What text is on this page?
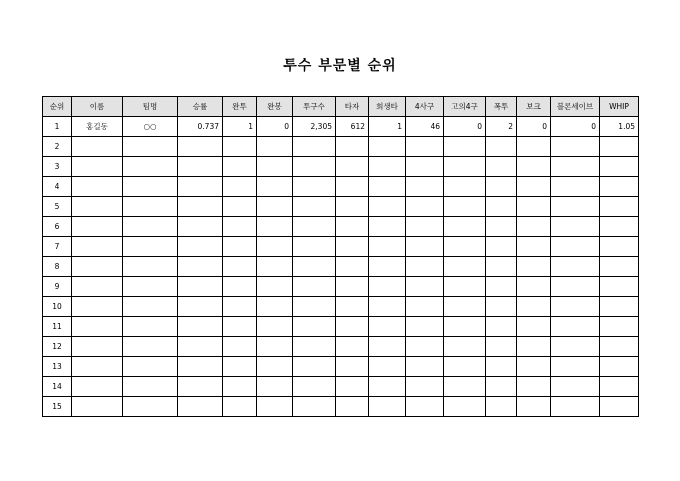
투수 부문별 순위
순위	이름	팀명	승률	완투	완봉	투구수	타자	희생타	4사구	고의4구	폭투	보크	블론세이브	WHIP
1	홍길동	○○	0.737	1	0	2,305	612	1	46	0	2	0	0	1.05
2														
3														
4														
5														
6														
7														
8														
9														
10														
11														
12														
13														
14														
15														
